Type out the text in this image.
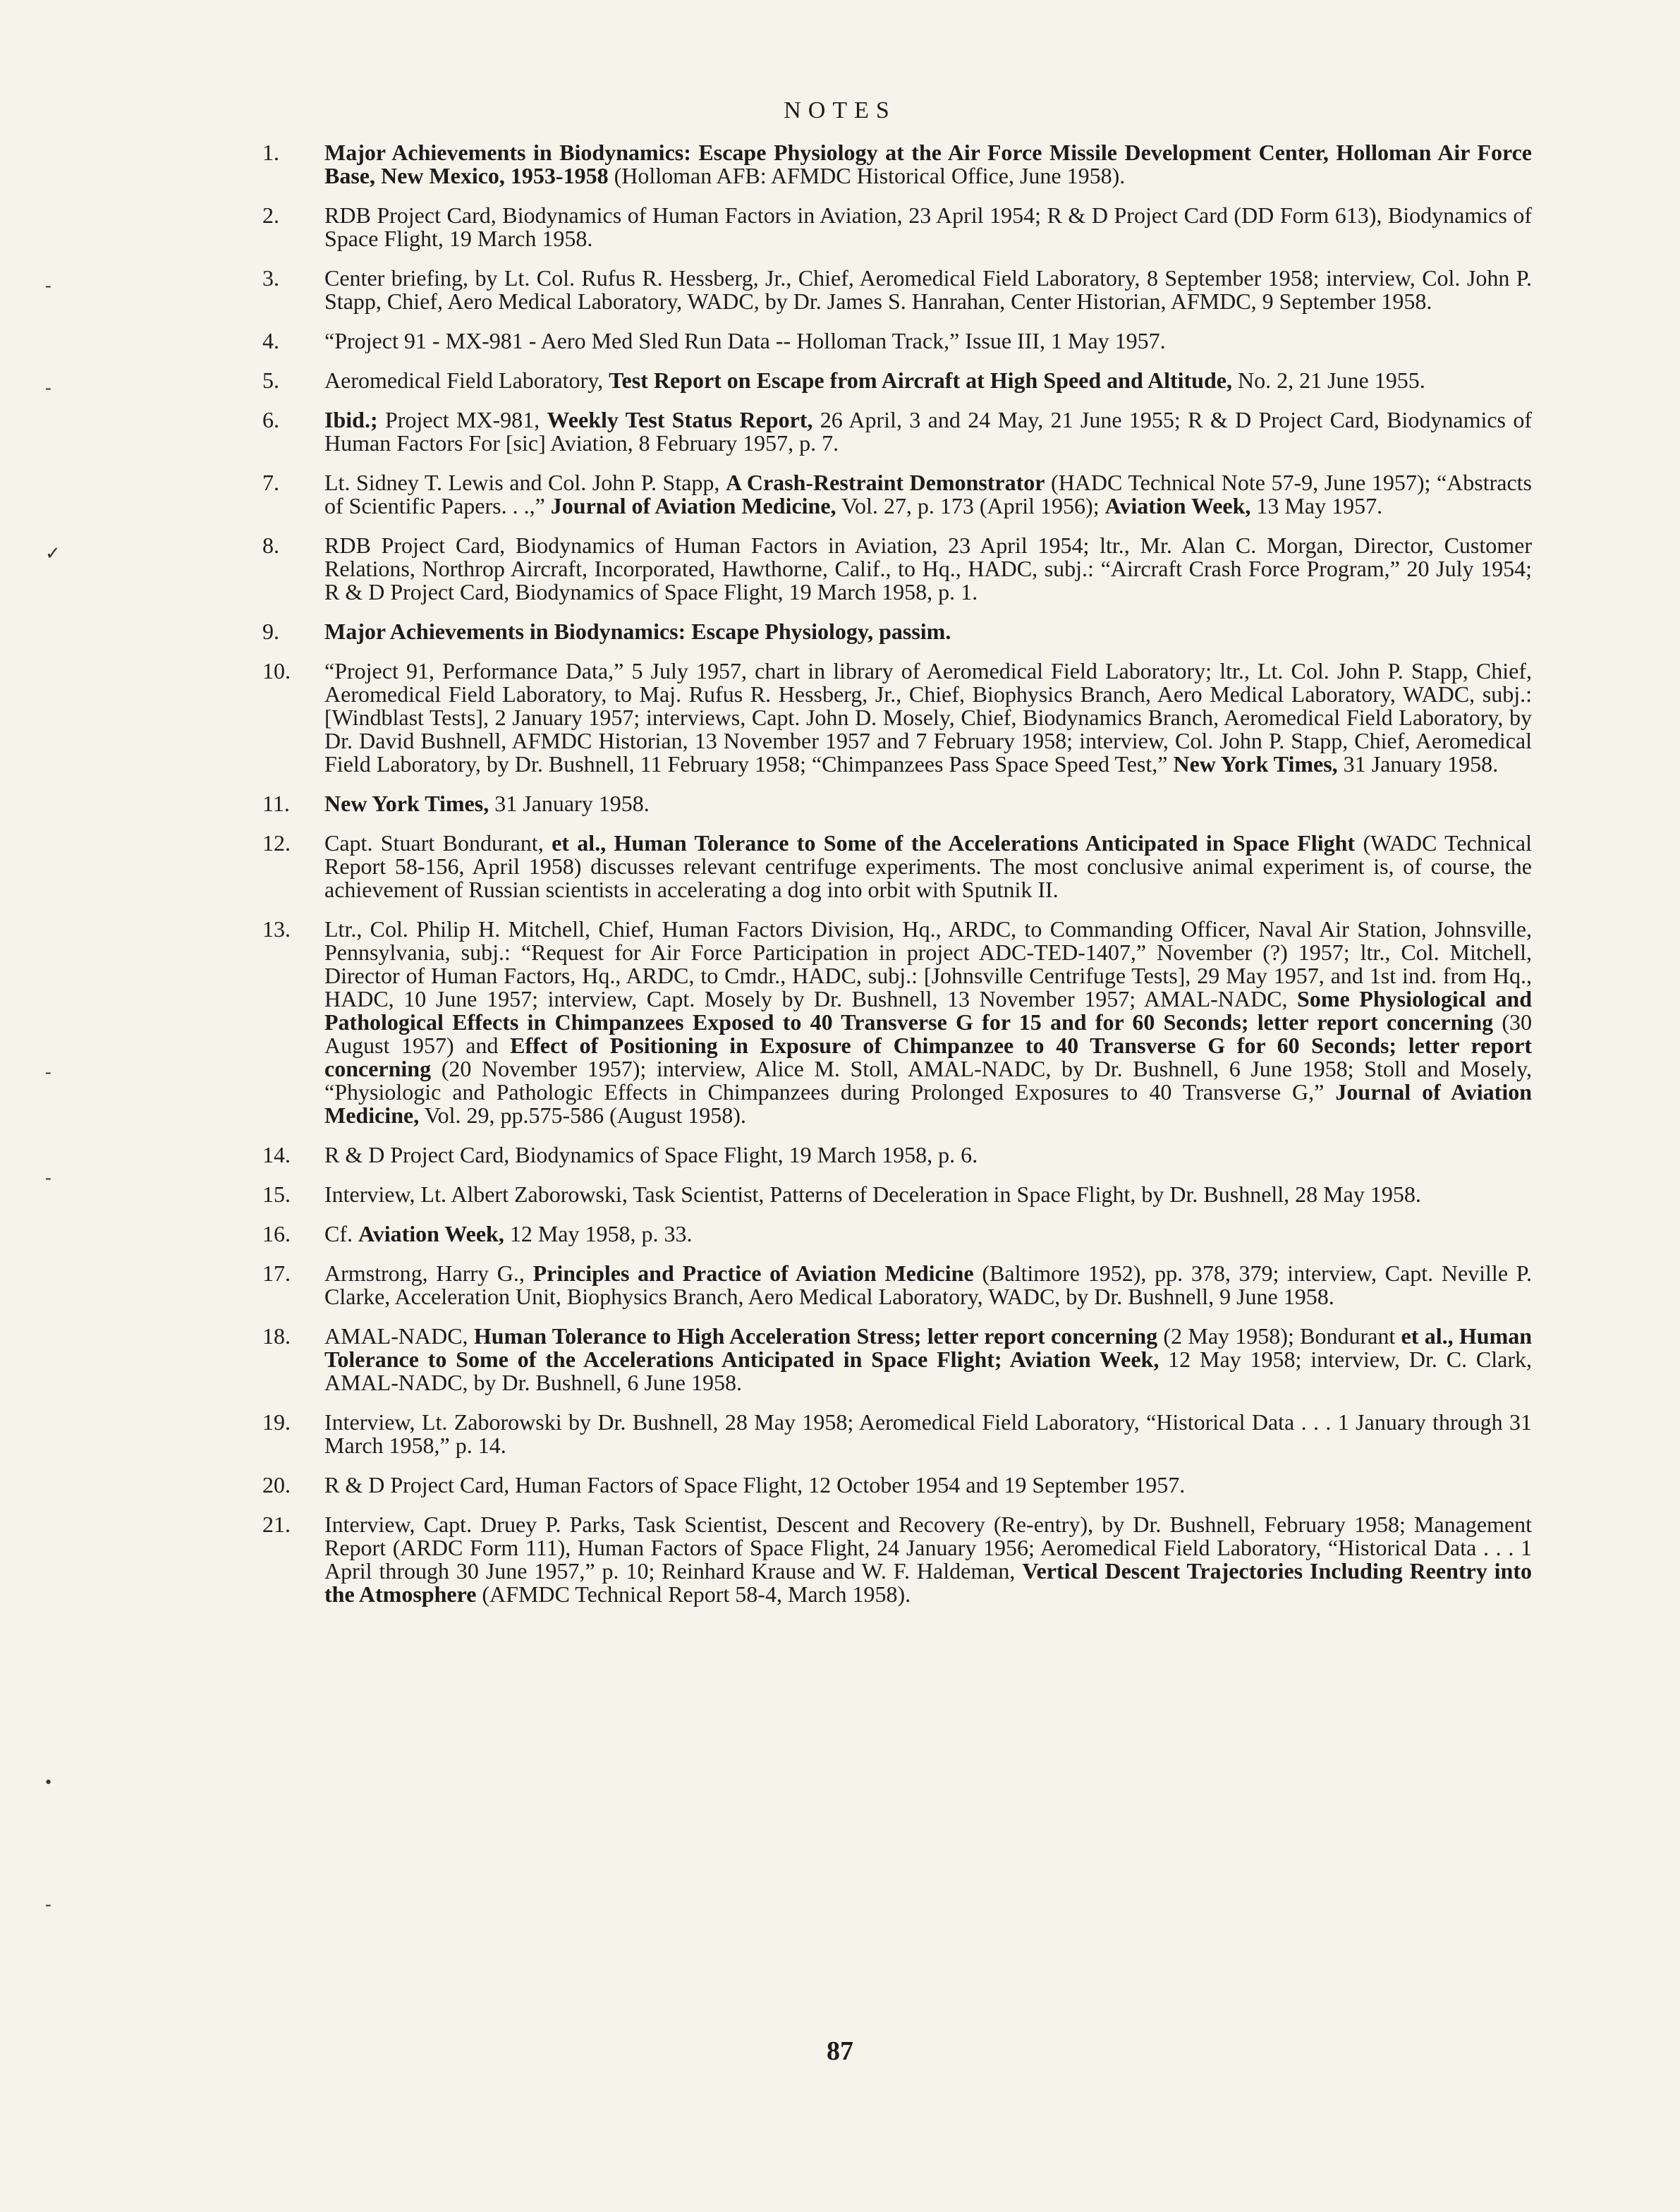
NOTES
-
-
✓
-
-
•
-
1.	Major Achievements in Biodynamics: Escape Physiology at the Air Force Missile Development Center, Holloman Air Force Base, New Mexico, 1953-1958 (Holloman AFB: AFMDC Historical Office, June 1958).
2.	RDB Project Card, Biodynamics of Human Factors in Aviation, 23 April 1954; R & D Project Card (DD Form 613), Biodynamics of Space Flight, 19 March 1958.
3.	Center briefing, by Lt. Col. Rufus R. Hessberg, Jr., Chief, Aeromedical Field Laboratory, 8 September 1958; interview, Col. John P. Stapp, Chief, Aero Medical Laboratory, WADC, by Dr. James S. Hanrahan, Center Historian, AFMDC, 9 September 1958.
4.	“Project 91 - MX-981 - Aero Med Sled Run Data -- Holloman Track,” Issue III, 1 May 1957.
5.	Aeromedical Field Laboratory, Test Report on Escape from Aircraft at High Speed and Altitude, No. 2, 21 June 1955.
6.	Ibid.; Project MX-981, Weekly Test Status Report, 26 April, 3 and 24 May, 21 June 1955; R & D Project Card, Biodynamics of Human Factors For [sic] Aviation, 8 February 1957, p. 7.
7.	Lt. Sidney T. Lewis and Col. John P. Stapp, A Crash-Restraint Demonstrator (HADC Technical Note 57-9, June 1957); “Abstracts of Scientific Papers. . .,” Journal of Aviation Medicine, Vol. 27, p. 173 (April 1956); Aviation Week, 13 May 1957.
8.	RDB Project Card, Biodynamics of Human Factors in Aviation, 23 April 1954; ltr., Mr. Alan C. Morgan, Director, Customer Relations, Northrop Aircraft, Incorporated, Hawthorne, Calif., to Hq., HADC, subj.: “Aircraft Crash Force Program,” 20 July 1954; R & D Project Card, Biodynamics of Space Flight, 19 March 1958, p. 1.
9.	Major Achievements in Biodynamics: Escape Physiology, passim.
10.	“Project 91, Performance Data,” 5 July 1957, chart in library of Aeromedical Field Laboratory; ltr., Lt. Col. John P. Stapp, Chief, Aeromedical Field Laboratory, to Maj. Rufus R. Hessberg, Jr., Chief, Biophysics Branch, Aero Medical Laboratory, WADC, subj.: [Windblast Tests], 2 January 1957; interviews, Capt. John D. Mosely, Chief, Biodynamics Branch, Aeromedical Field Laboratory, by Dr. David Bushnell, AFMDC Historian, 13 November 1957 and 7 February 1958; interview, Col. John P. Stapp, Chief, Aeromedical Field Laboratory, by Dr. Bushnell, 11 February 1958; “Chimpanzees Pass Space Speed Test,” New York Times, 31 January 1958.
11.	New York Times, 31 January 1958.
12.	Capt. Stuart Bondurant, et al., Human Tolerance to Some of the Accelerations Anticipated in Space Flight (WADC Technical Report 58-156, April 1958) discusses relevant centrifuge experiments. The most conclusive animal experiment is, of course, the achievement of Russian scientists in accelerating a dog into orbit with Sputnik II.
13.	Ltr., Col. Philip H. Mitchell, Chief, Human Factors Division, Hq., ARDC, to Commanding Officer, Naval Air Station, Johnsville, Pennsylvania, subj.: “Request for Air Force Participation in project ADC-TED-1407,” November (?) 1957; ltr., Col. Mitchell, Director of Human Factors, Hq., ARDC, to Cmdr., HADC, subj.: [Johnsville Centrifuge Tests], 29 May 1957, and 1st ind. from Hq., HADC, 10 June 1957; interview, Capt. Mosely by Dr. Bushnell, 13 November 1957; AMAL-NADC, Some Physiological and Pathological Effects in Chimpanzees Exposed to 40 Transverse G for 15 and for 60 Seconds; letter report concerning (30 August 1957) and Effect of Positioning in Exposure of Chimpanzee to 40 Transverse G for 60 Seconds; letter report concerning (20 November 1957); interview, Alice M. Stoll, AMAL-NADC, by Dr. Bushnell, 6 June 1958; Stoll and Mosely, “Physiologic and Pathologic Effects in Chimpanzees during Prolonged Exposures to 40 Transverse G,” Journal of Aviation Medicine, Vol. 29, pp.575-586 (August 1958).
14.	R & D Project Card, Biodynamics of Space Flight, 19 March 1958, p. 6.
15.	Interview, Lt. Albert Zaborowski, Task Scientist, Patterns of Deceleration in Space Flight, by Dr. Bushnell, 28 May 1958.
16.	Cf. Aviation Week, 12 May 1958, p. 33.
17.	Armstrong, Harry G., Principles and Practice of Aviation Medicine (Baltimore 1952), pp. 378, 379; interview, Capt. Neville P. Clarke, Acceleration Unit, Biophysics Branch, Aero Medical Laboratory, WADC, by Dr. Bushnell, 9 June 1958.
18.	AMAL-NADC, Human Tolerance to High Acceleration Stress; letter report concerning (2 May 1958); Bondurant et al., Human Tolerance to Some of the Accelerations Anticipated in Space Flight; Aviation Week, 12 May 1958; interview, Dr. C. Clark, AMAL-NADC, by Dr. Bushnell, 6 June 1958.
19.	Interview, Lt. Zaborowski by Dr. Bushnell, 28 May 1958; Aeromedical Field Laboratory, “Historical Data . . . 1 January through 31 March 1958,” p. 14.
20.	R & D Project Card, Human Factors of Space Flight, 12 October 1954 and 19 September 1957.
21.	Interview, Capt. Druey P. Parks, Task Scientist, Descent and Recovery (Re-entry), by Dr. Bushnell, February 1958; Management Report (ARDC Form 111), Human Factors of Space Flight, 24 January 1956; Aeromedical Field Laboratory, “Historical Data . . . 1 April through 30 June 1957,” p. 10; Reinhard Krause and W. F. Haldeman, Vertical Descent Trajectories Including Reentry into the Atmosphere (AFMDC Technical Report 58-4, March 1958).
87
